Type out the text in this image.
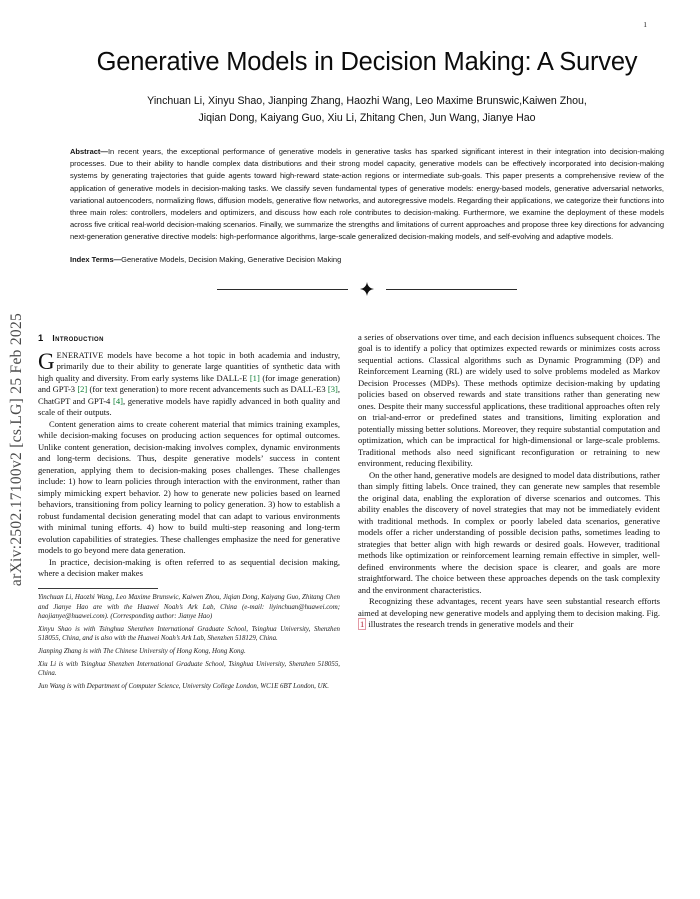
arXiv:2502.17100v2 [cs.LG] 25 Feb 2025
1
Generative Models in Decision Making: A Survey
Yinchuan Li, Xinyu Shao, Jianping Zhang, Haozhi Wang, Leo Maxime Brunswic,Kaiwen Zhou,
Jiqian Dong, Kaiyang Guo, Xiu Li, Zhitang Chen, Jun Wang, Jianye Hao
Abstract—In recent years, the exceptional performance of generative models in generative tasks has sparked significant interest in their integration into decision-making processes. Due to their ability to handle complex data distributions and their strong model capacity, generative models can be effectively incorporated into decision-making systems by generating trajectories that guide agents toward high-reward state-action regions or intermediate sub-goals. This paper presents a comprehensive review of the application of generative models in decision-making tasks. We classify seven fundamental types of generative models: energy-based models, generative adversarial networks, variational autoencoders, normalizing flows, diffusion models, generative flow networks, and autoregressive models. Regarding their applications, we categorize their functions into three main roles: controllers, modelers and optimizers, and discuss how each role contributes to decision-making. Furthermore, we examine the deployment of these models across five critical real-world decision-making scenarios. Finally, we summarize the strengths and limitations of current approaches and propose three key directions for advancing next-generation generative directive models: high-performance algorithms, large-scale generalized decision-making models, and self-evolving and adaptive models.
Index Terms—Generative Models, Decision Making, Generative Decision Making
1 Introduction

GENERATIVE models have become a hot topic in both academia and industry, primarily due to their ability to generate large quantities of synthetic data with high quality and diversity. From early systems like DALL-E [1] (for image generation) and GPT-3 [2] (for text generation) to more recent advancements such as DALL-E3 [3], ChatGPT and GPT-4 [4], generative models have rapidly advanced in both quality and scale of their outputs.

Content generation aims to create coherent material that mimics training examples, while decision-making focuses on producing action sequences for optimal outcomes. Unlike content generation, decision-making involves complex, dynamic environments and long-term decisions. Thus, despite generative models’ success in content generation, applying them to decision-making poses challenges. These challenges include: 1) how to learn policies through interaction with the environment, rather than simply mimicking expert behavior. 2) how to generate new policies based on learned behaviors, transitioning from policy learning to policy generation. 3) how to establish a robust fundamental decision generating model that can adapt to various environments with minimal tuning efforts. 4) how to build multi-step reasoning and long-term evolution capabilities of strategies. These challenges emphasize the need for generative models to go beyond mere data generation.

In practice, decision-making is often referred to as sequential decision making, where a decision maker makes

Yinchuan Li, Haozhi Wang, Leo Maxime Brunswic, Kaiwen Zhou, Jiqian Dong, Kaiyang Guo, Zhitang Chen and Jianye Hao are with the Huawei Noah’s Ark Lab, China (e-mail: liyinchuan@huawei.com; haojianye@huawei.com). (Corresponding author: Jianye Hao)

Xinyu Shao is with Tsinghua Shenzhen International Graduate School, Tsinghua University, Shenzhen 518055, China, and is also with the Huawei Noah’s Ark Lab, Shenzhen 518129, China.

Jianping Zhang is with The Chinese University of Hong Kong, Hong Kong.

Xiu Li is with Tsinghua Shenzhen International Graduate School, Tsinghua University, Shenzhen 518055, China.

Jun Wang is with Department of Computer Science, University College London, WC1E 6BT London, UK.

a series of observations over time, and each decision influencs subsequent choices. The goal is to identify a policy that optimizes expected rewards or minimizes costs across sequential actions. Classical algorithms such as Dynamic Programming (DP) and Reinforcement Learning (RL) are widely used to solve problems modeled as Markov Decision Processes (MDPs). These methods optimize decision-making by updating policies based on observed rewards and state transitions rather than generating new ones. Despite their many successful applications, these traditional approaches often rely on trial-and-error or predefined states and transitions, limiting exploration and potentially missing better solutions. Moreover, they require substantial computation and optimization, which can be impractical for high-dimensional or large-scale problems. Traditional methods also need significant reconfiguration or retraining to new environment, reducing flexibility.

On the other hand, generative models are designed to model data distributions, rather than simply fitting labels. Once trained, they can generate new samples that resemble the original data, enabling the exploration of diverse scenarios and outcomes. This ability enables the discovery of novel strategies that may not be immediately evident with traditional methods. In complex or poorly labeled data scenarios, generative models offer a richer understanding of possible decision paths, sometimes leading to strategies that better align with high rewards or desired goals. However, traditional methods like optimization or reinforcement learning remain effective in simpler, well-defined environments where the decision space is clearer, and goals are more straightforward. The choice between these approaches depends on the task complexity and the environment characteristics.

Recognizing these advantages, recent years have seen substantial research efforts aimed at developing new generative models and applying them to decision making. Fig. 1 illustrates the research trends in generative models and their
